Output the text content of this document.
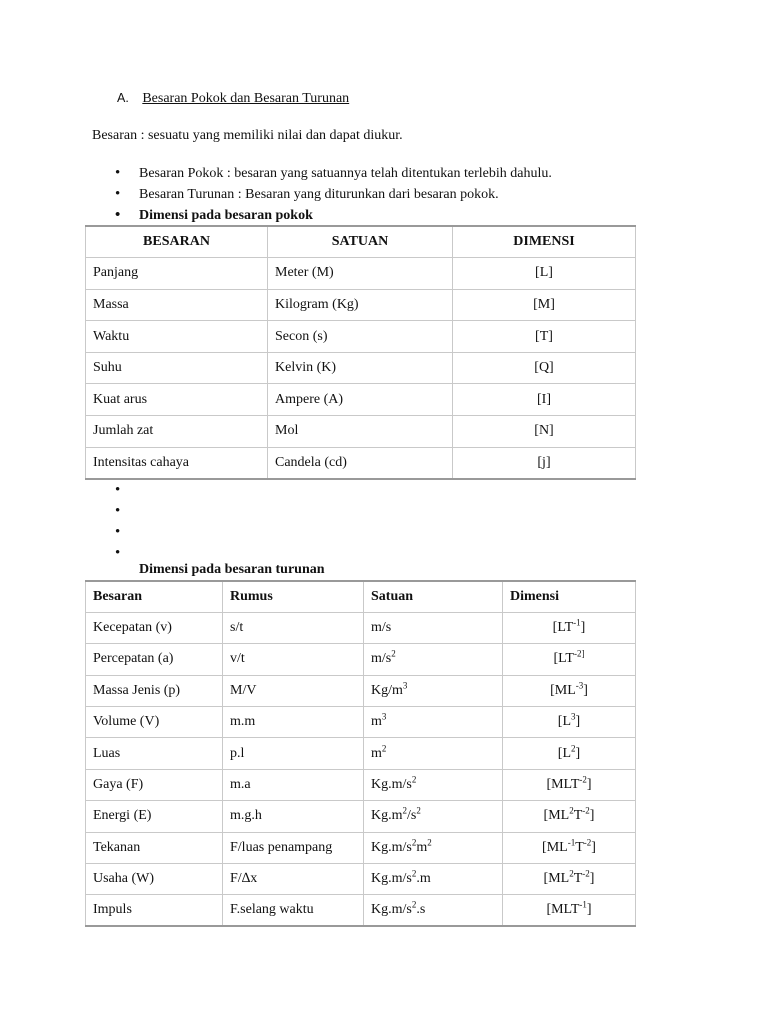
A. Besaran Pokok dan Besaran Turunan
Besaran : sesuatu yang memiliki nilai dan dapat diukur.
• Besaran Pokok : besaran yang satuannya telah ditentukan terlebih dahulu.
• Besaran Turunan : Besaran yang diturunkan dari besaran pokok.
• Dimensi pada besaran pokok
BESARAN	SATUAN	DIMENSI
Panjang	Meter (M)	[L]
Massa	Kilogram (Kg)	[M]
Waktu	Secon (s)	[T]
Suhu	Kelvin (K)	[Q]
Kuat arus	Ampere (A)	[I]
Jumlah zat	Mol	[N]
Intensitas cahaya	Candela (cd)	[j]
Dimensi pada besaran turunan
Besaran	Rumus	Satuan	Dimensi
Kecepatan (v)	s/t	m/s	$[LT^{-1}]$
Percepatan (a)	v/t	$m/s^2$	[$LT^{-2]}$
Massa Jenis (p)	M/V	$Kg/m^3$	$[ML^{-3}]$
Volume (V)	m.m	$m^3$	$[L^3]$
Luas	p.l	$m^2$	$[L^2]$
Gaya (F)	m.a	$Kg.m/s^2$	$[MLT^{-2}]$
Energi (E)	m.g.h	$Kg.m^2/s^2$	$[ML^2T^{-2}]$
Tekanan	F/luas penampang	$Kg.m/s^2m^2$	$[ML^{-1}T^{-2}]$
Usaha (W)	F/∆x	$Kg.m/s^2.m$	$[ML^2T^{-2}]$
Impuls	F.selang waktu	$Kg.m/s^2.s$	$[MLT^{-1}]$
